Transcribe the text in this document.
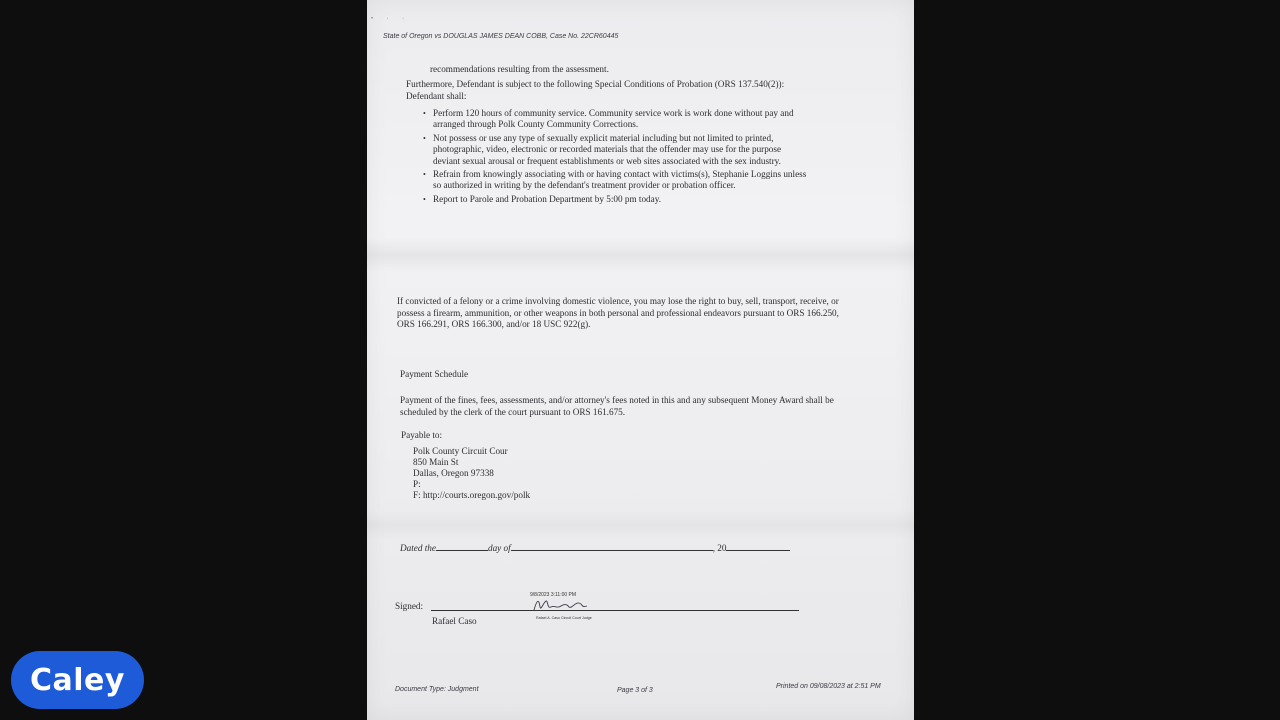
• · ·
State of Oregon vs DOUGLAS JAMES DEAN COBB, Case No. 22CR60445
recommendations resulting from the assessment.
Furthermore, Defendant is subject to the following Special Conditions of Probation (ORS 137.540(2)):
Defendant shall:
• Perform 120 hours of community service. Community service work is work done without pay and
arranged through Polk County Community Corrections.
• Not possess or use any type of sexually explicit material including but not limited to printed,
photographic, video, electronic or recorded materials that the offender may use for the purpose
deviant sexual arousal or frequent establishments or web sites associated with the sex industry.
• Refrain from knowingly associating with or having contact with victims(s), Stephanie Loggins unless
so authorized in writing by the defendant's treatment provider or probation officer.
• Report to Parole and Probation Department by 5:00 pm today.
If convicted of a felony or a crime involving domestic violence, you may lose the right to buy, sell, transport, receive, or
possess a firearm, ammunition, or other weapons in both personal and professional endeavors pursuant to ORS 166.250,
ORS 166.291, ORS 166.300, and/or 18 USC 922(g).
Payment Schedule
Payment of the fines, fees, assessments, and/or attorney's fees noted in this and any subsequent Money Award shall be
scheduled by the clerk of the court pursuant to ORS 161.675.
Payable to:
Polk County Circuit Cour
850 Main St
Dallas, Oregon 97338
P:
F: http://courts.oregon.gov/polk
Dated the	day of	, 20
Signed:
9/8/2023 3:11:00 PM
Rafael A. Caso Circuit Court Judge
Rafael Caso
Document Type: Judgment	Page 3 of 3
Printed on 09/08/2023 at 2:51 PM
Caley
